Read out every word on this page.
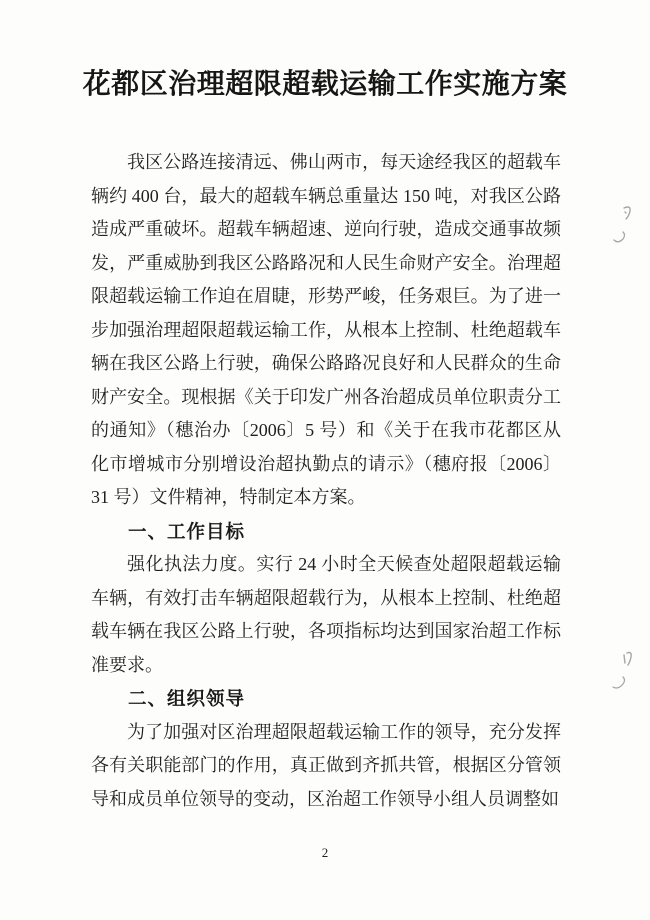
花都区治理超限超载运输工作实施方案

我区公路连接清远、佛山两市，每天途经我区的超载车辆约 400 台，最大的超载车辆总重量达 150 吨，对我区公路造成严重破坏。超载车辆超速、逆向行驶，造成交通事故频发，严重威胁到我区公路路况和人民生命财产安全。治理超限超载运输工作迫在眉睫，形势严峻，任务艰巨。为了进一步加强治理超限超载运输工作，从根本上控制、杜绝超载车辆在我区公路上行驶，确保公路路况良好和人民群众的生命财产安全。现根据《关于印发广州各治超成员单位职责分工的通知》（穗治办〔2006〕5 号）和《关于在我市花都区从化市增城市分别增设治超执勤点的请示》（穗府报〔2006〕31 号）文件精神，特制定本方案。

一、工作目标

强化执法力度。实行 24 小时全天候查处超限超载运输车辆，有效打击车辆超限超载行为，从根本上控制、杜绝超载车辆在我区公路上行驶，各项指标均达到国家治超工作标准要求。

二、组织领导

为了加强对区治理超限超载运输工作的领导，充分发挥各有关职能部门的作用，真正做到齐抓共管，根据区分管领导和成员单位领导的变动，区治超工作领导小组人员调整如

2
